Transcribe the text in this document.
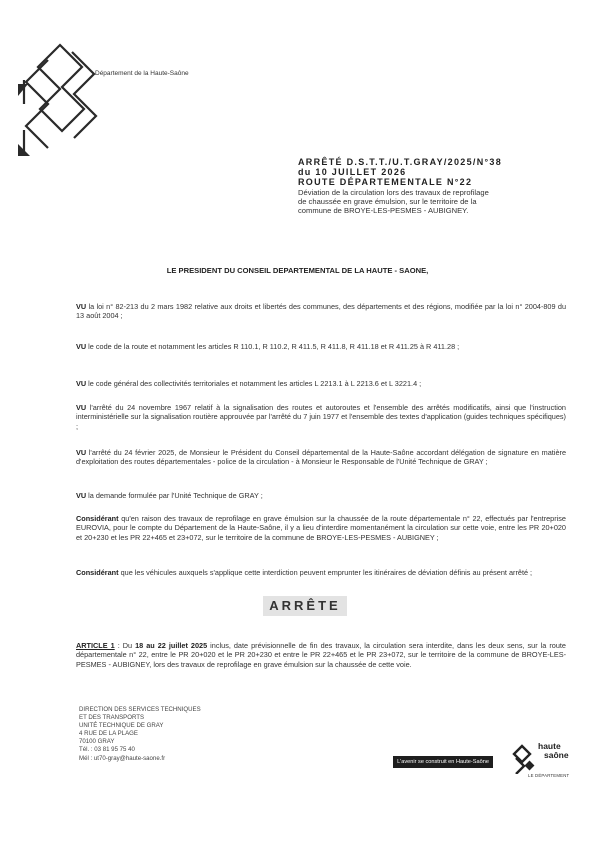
Département de la Haute-Saône
ARRÊTÉ D.S.T.T./U.T.GRAY/2025/N°38
du 10 JUILLET 2026
ROUTE DÉPARTEMENTALE N°22
Déviation de la circulation lors des travaux de reprofilage
de chaussée en grave émulsion, sur le territoire de la
commune de BROYE-LES-PESMES - AUBIGNEY.
LE PRESIDENT DU CONSEIL DEPARTEMENTAL DE LA HAUTE - SAONE,

VU la loi n° 82-213 du 2 mars 1982 relative aux droits et libertés des communes, des départements et des régions, modifiée par la loi n° 2004-809 du 13 août 2004 ;

VU le code de la route et notamment les articles R 110.1, R 110.2, R 411.5, R 411.8, R 411.18 et R 411.25 à R 411.28 ;

VU le code général des collectivités territoriales et notamment les articles L 2213.1 à L 2213.6 et L 3221.4 ;

VU l'arrêté du 24 novembre 1967 relatif à la signalisation des routes et autoroutes et l'ensemble des arrêtés modificatifs, ainsi que l'instruction interministérielle sur la signalisation routière approuvée par l'arrêté du 7 juin 1977 et l'ensemble des textes d'application (guides techniques spécifiques) ;

VU l'arrêté du 24 février 2025, de Monsieur le Président du Conseil départemental de la Haute-Saône accordant délégation de signature en matière d'exploitation des routes départementales - police de la circulation - à Monsieur le Responsable de l'Unité Technique de GRAY ;

VU la demande formulée par l'Unité Technique de GRAY ;

Considérant qu'en raison des travaux de reprofilage en grave émulsion sur la chaussée de la route départementale n° 22, effectués par l'entreprise EUROVIA, pour le compte du Département de la Haute-Saône, il y a lieu d'interdire momentanément la circulation sur cette voie, entre les PR 20+020 et 20+230 et les PR 22+465 et 23+072, sur le territoire de la commune de BROYE-LES-PESMES - AUBIGNEY ;

Considérant que les véhicules auxquels s'applique cette interdiction peuvent emprunter les itinéraires de déviation définis au présent arrêté ;

ARRÊTE
ARTICLE 1 : Du 18 au 22 juillet 2025 inclus, date prévisionnelle de fin des travaux, la circulation sera interdite, dans les deux sens, sur la route départementale n° 22, entre le PR 20+020 et le PR 20+230 et entre le PR 22+465 et le PR 23+072, sur le territoire de la commune de BROYE-LES-PESMES - AUBIGNEY, lors des travaux de reprofilage en grave émulsion sur la chaussée de cette voie.
DIRECTION DES SERVICES TECHNIQUES
ET DES TRANSPORTS
UNITÉ TECHNIQUE DE GRAY
4 RUE DE LA PLAGE
70100 GRAY
Tél. : 03 81 95 75 40
Mél : ut70-gray@haute-saone.fr
L'avenir se construit en Haute-Saône
haute
saône
LE DÉPARTEMENT
